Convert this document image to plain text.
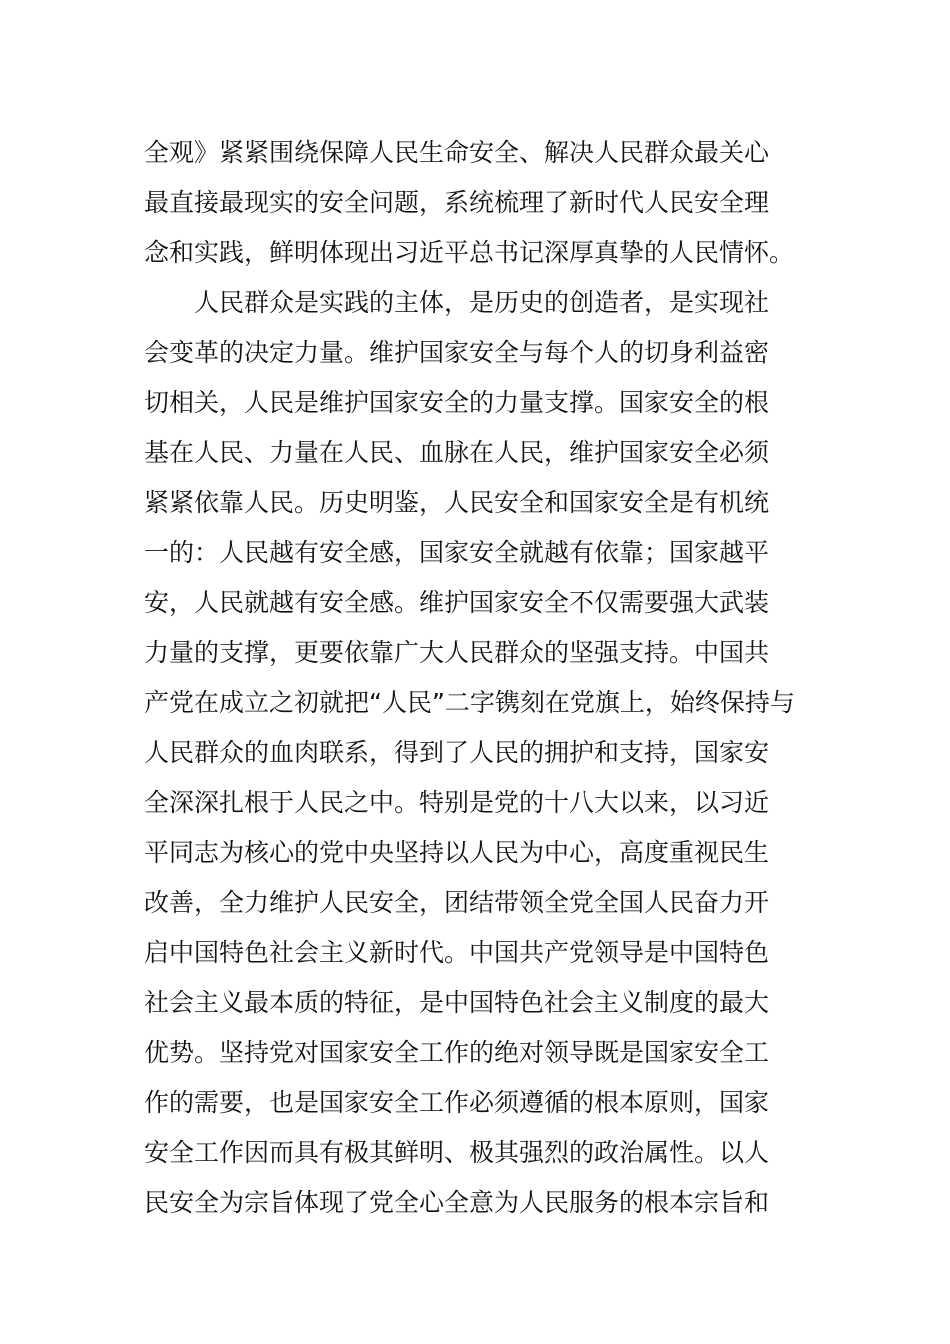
全观》紧紧围绕保障人民生命安全、解决人民群众最关心
最直接最现实的安全问题，系统梳理了新时代人民安全理
念和实践，鲜明体现出习近平总书记深厚真挚的人民情怀。
人民群众是实践的主体，是历史的创造者，是实现社
会变革的决定力量。维护国家安全与每个人的切身利益密
切相关，人民是维护国家安全的力量支撑。国家安全的根
基在人民、力量在人民、血脉在人民，维护国家安全必须
紧紧依靠人民。历史明鉴，人民安全和国家安全是有机统
一的：人民越有安全感，国家安全就越有依靠；国家越平
安，人民就越有安全感。维护国家安全不仅需要强大武装
力量的支撑，更要依靠广大人民群众的坚强支持。中国共
产党在成立之初就把“人民”二字镌刻在党旗上，始终保持与
人民群众的血肉联系，得到了人民的拥护和支持，国家安
全深深扎根于人民之中。特别是党的十八大以来，以习近
平同志为核心的党中央坚持以人民为中心，高度重视民生
改善，全力维护人民安全，团结带领全党全国人民奋力开
启中国特色社会主义新时代。中国共产党领导是中国特色
社会主义最本质的特征，是中国特色社会主义制度的最大
优势。坚持党对国家安全工作的绝对领导既是国家安全工
作的需要，也是国家安全工作必须遵循的根本原则，国家
安全工作因而具有极其鲜明、极其强烈的政治属性。以人
民安全为宗旨体现了党全心全意为人民服务的根本宗旨和
